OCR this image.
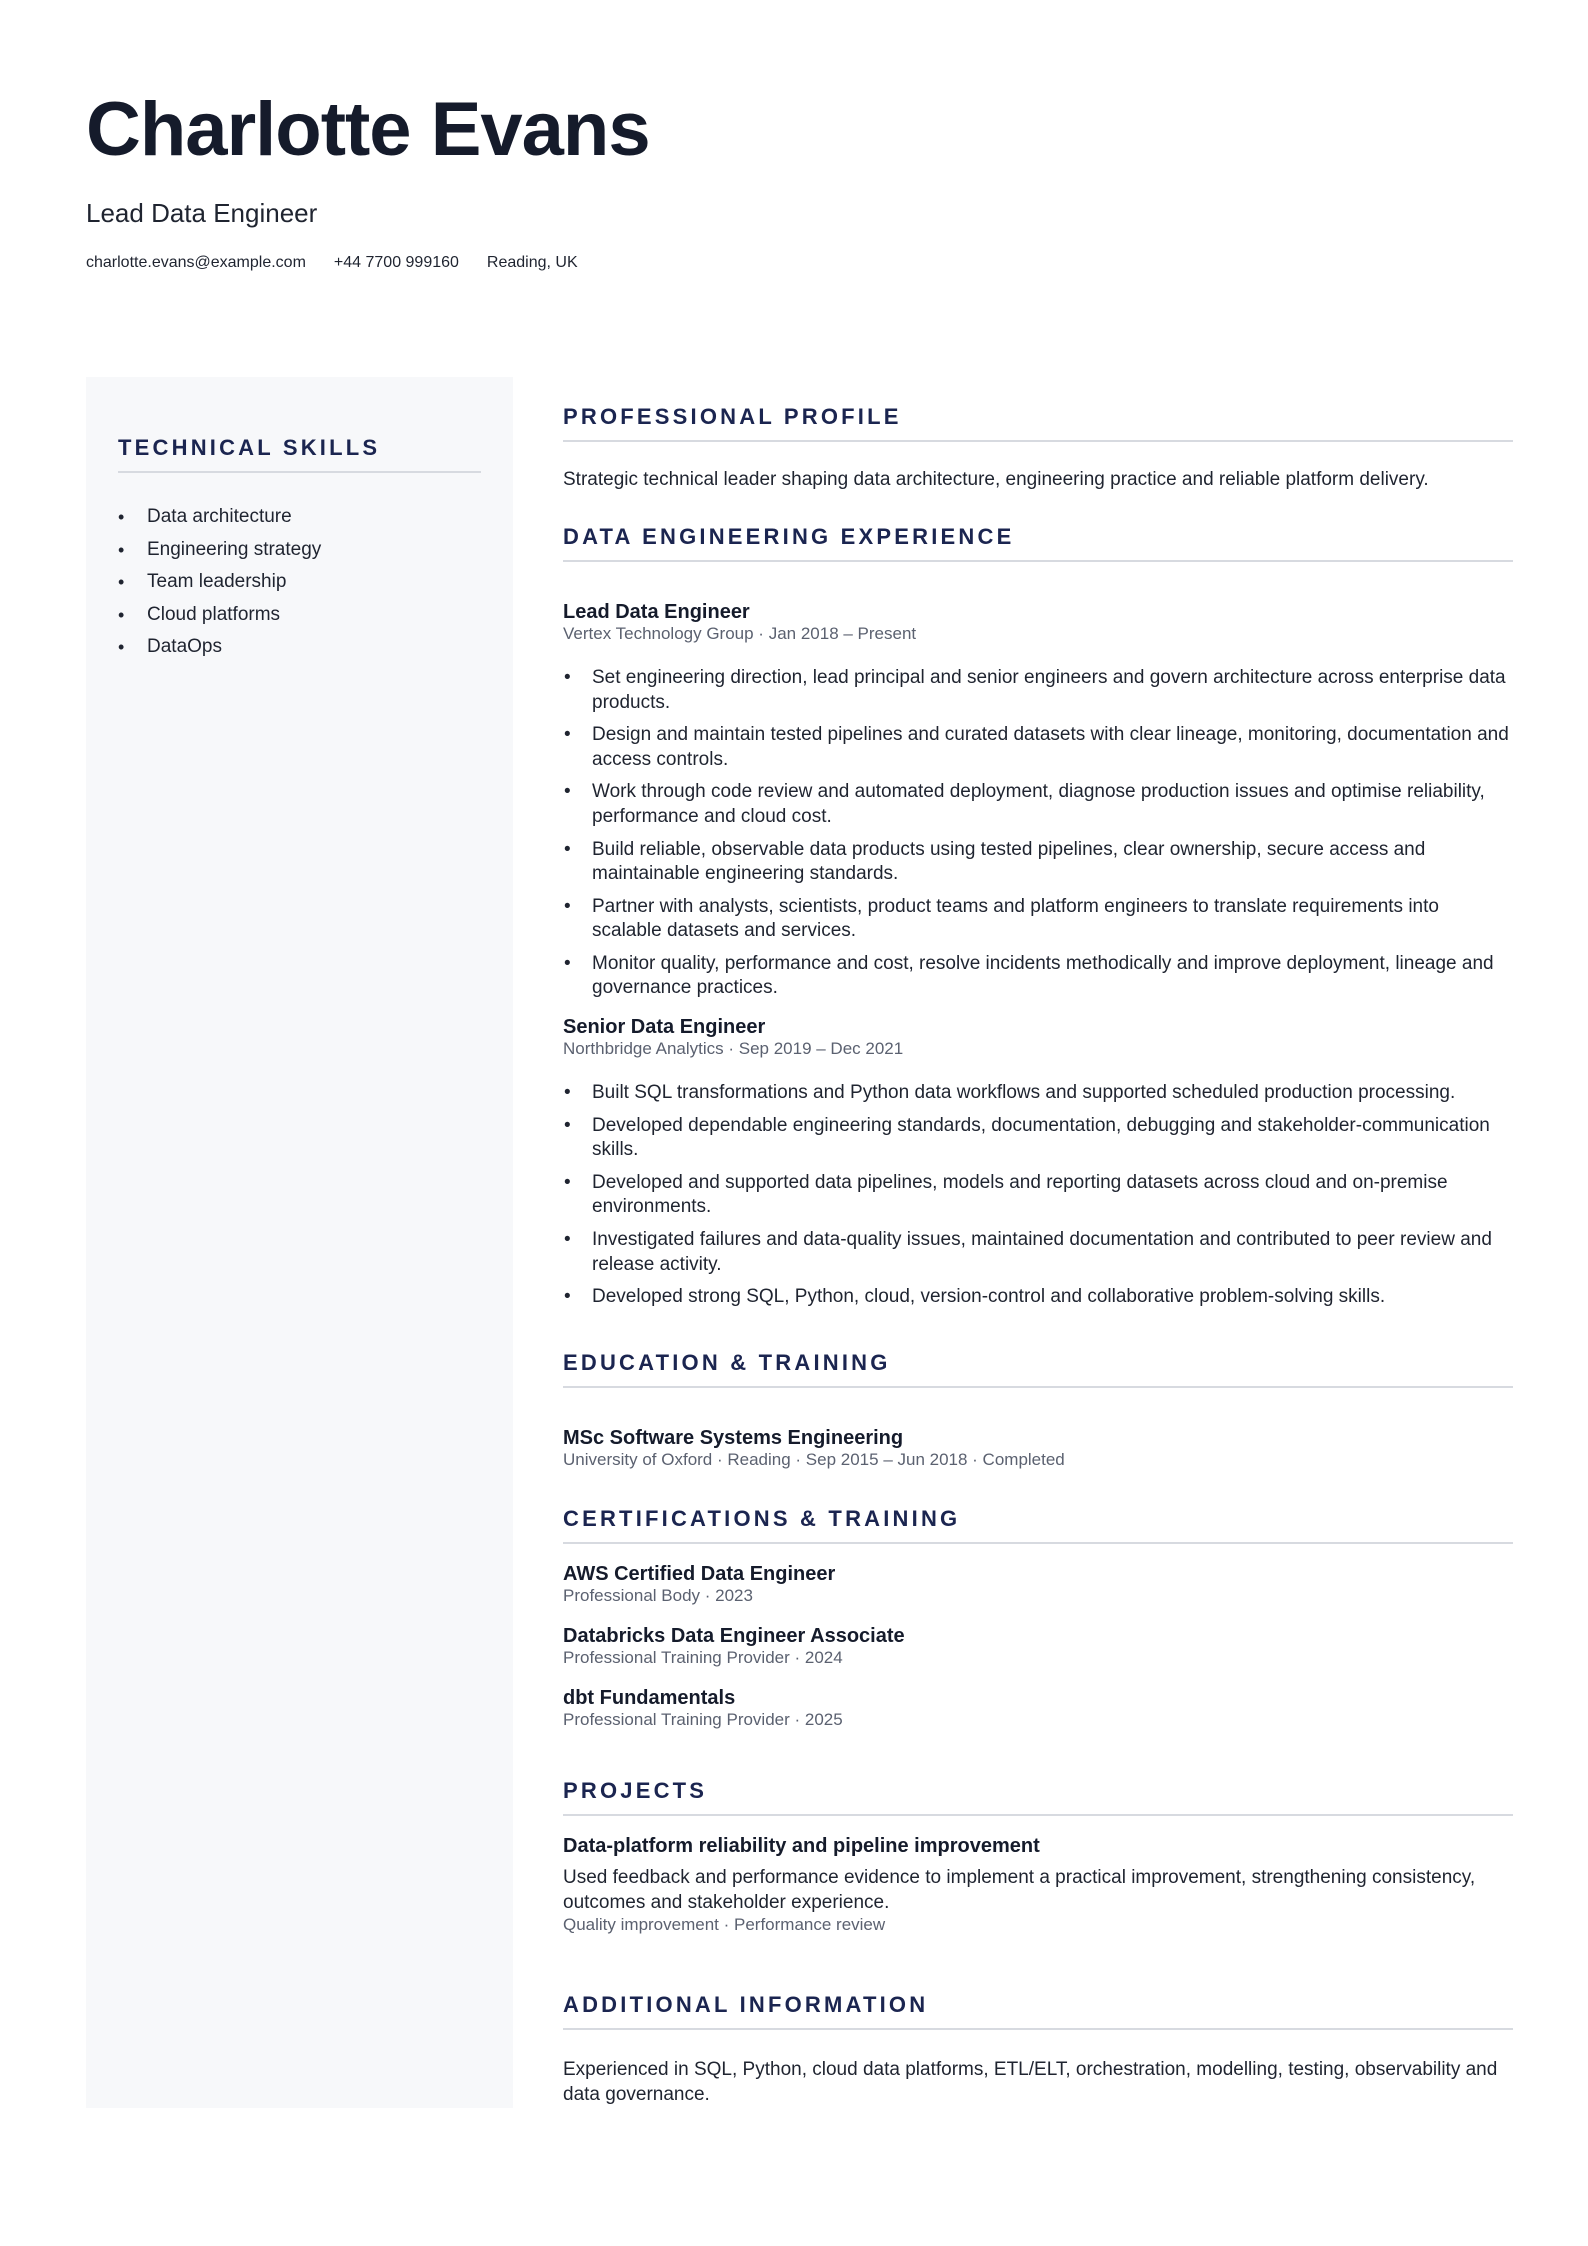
Charlotte Evans
Lead Data Engineer
charlotte.evans@example.com +44 7700 999160 Reading, UK
TECHNICAL SKILLS
• Data architecture
• Engineering strategy
• Team leadership
• Cloud platforms
• DataOps
PROFESSIONAL PROFILE
Strategic technical leader shaping data architecture, engineering practice and reliable platform delivery.
DATA ENGINEERING EXPERIENCE
Lead Data Engineer
Vertex Technology Group · Jan 2018 – Present
• Set engineering direction, lead principal and senior engineers and govern architecture across enterprise data products.
• Design and maintain tested pipelines and curated datasets with clear lineage, monitoring, documentation and access controls.
• Work through code review and automated deployment, diagnose production issues and optimise reliability, performance and cloud cost.
• Build reliable, observable data products using tested pipelines, clear ownership, secure access and maintainable engineering standards.
• Partner with analysts, scientists, product teams and platform engineers to translate requirements into scalable datasets and services.
• Monitor quality, performance and cost, resolve incidents methodically and improve deployment, lineage and governance practices.
Senior Data Engineer
Northbridge Analytics · Sep 2019 – Dec 2021
• Built SQL transformations and Python data workflows and supported scheduled production processing.
• Developed dependable engineering standards, documentation, debugging and stakeholder-communication skills.
• Developed and supported data pipelines, models and reporting datasets across cloud and on-premise environments.
• Investigated failures and data-quality issues, maintained documentation and contributed to peer review and release activity.
• Developed strong SQL, Python, cloud, version-control and collaborative problem-solving skills.
EDUCATION & TRAINING
MSc Software Systems Engineering
University of Oxford · Reading · Sep 2015 – Jun 2018 · Completed
CERTIFICATIONS & TRAINING
AWS Certified Data Engineer
Professional Body · 2023
Databricks Data Engineer Associate
Professional Training Provider · 2024
dbt Fundamentals
Professional Training Provider · 2025
PROJECTS
Data-platform reliability and pipeline improvement
Used feedback and performance evidence to implement a practical improvement, strengthening consistency, outcomes and stakeholder experience.
Quality improvement · Performance review
ADDITIONAL INFORMATION
Experienced in SQL, Python, cloud data platforms, ETL/ELT, orchestration, modelling, testing, observability and data governance.
